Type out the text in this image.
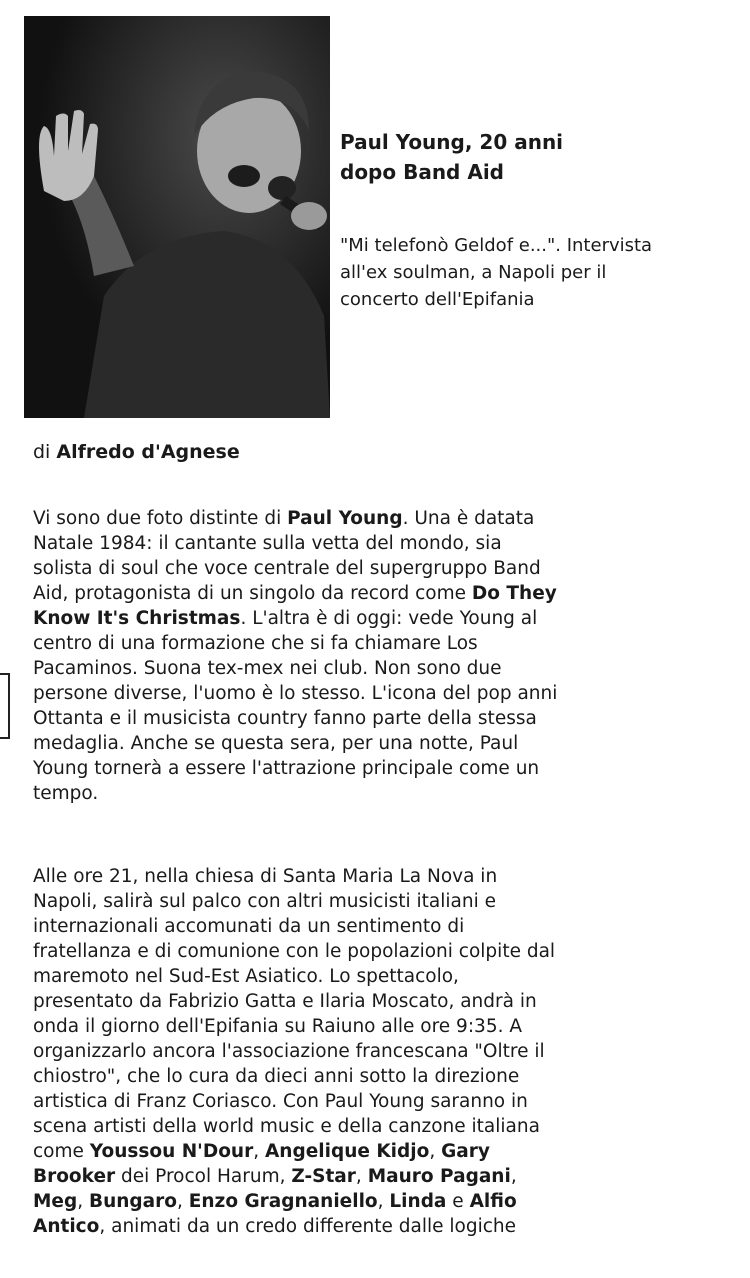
Paul Young, 20 anni
dopo Band Aid

"Mi telefonò Geldof e...". Intervista
all'ex soulman, a Napoli per il
concerto dell'Epifania

di Alfredo d'Agnese

Vi sono due foto distinte di Paul Young. Una è datata
Natale 1984: il cantante sulla vetta del mondo, sia
solista di soul che voce centrale del supergruppo Band
Aid, protagonista di un singolo da record come Do They
Know It's Christmas. L'altra è di oggi: vede Young al
centro di una formazione che si fa chiamare Los
Pacaminos. Suona tex-mex nei club. Non sono due
persone diverse, l'uomo è lo stesso. L'icona del pop anni
Ottanta e il musicista country fanno parte della stessa
medaglia. Anche se questa sera, per una notte, Paul
Young tornerà a essere l'attrazione principale come un
tempo.

Alle ore 21, nella chiesa di Santa Maria La Nova in
Napoli, salirà sul palco con altri musicisti italiani e
internazionali accomunati da un sentimento di
fratellanza e di comunione con le popolazioni colpite dal
maremoto nel Sud-Est Asiatico. Lo spettacolo,
presentato da Fabrizio Gatta e Ilaria Moscato, andrà in
onda il giorno dell'Epifania su Raiuno alle ore 9:35. A
organizzarlo ancora l'associazione francescana "Oltre il
chiostro", che lo cura da dieci anni sotto la direzione
artistica di Franz Coriasco. Con Paul Young saranno in
scena artisti della world music e della canzone italiana
come Youssou N'Dour, Angelique Kidjo, Gary
Brooker dei Procol Harum, Z-Star, Mauro Pagani,
Meg, Bungaro, Enzo Gragnaniello, Linda e Alfio
Antico, animati da un credo differente dalle logiche
